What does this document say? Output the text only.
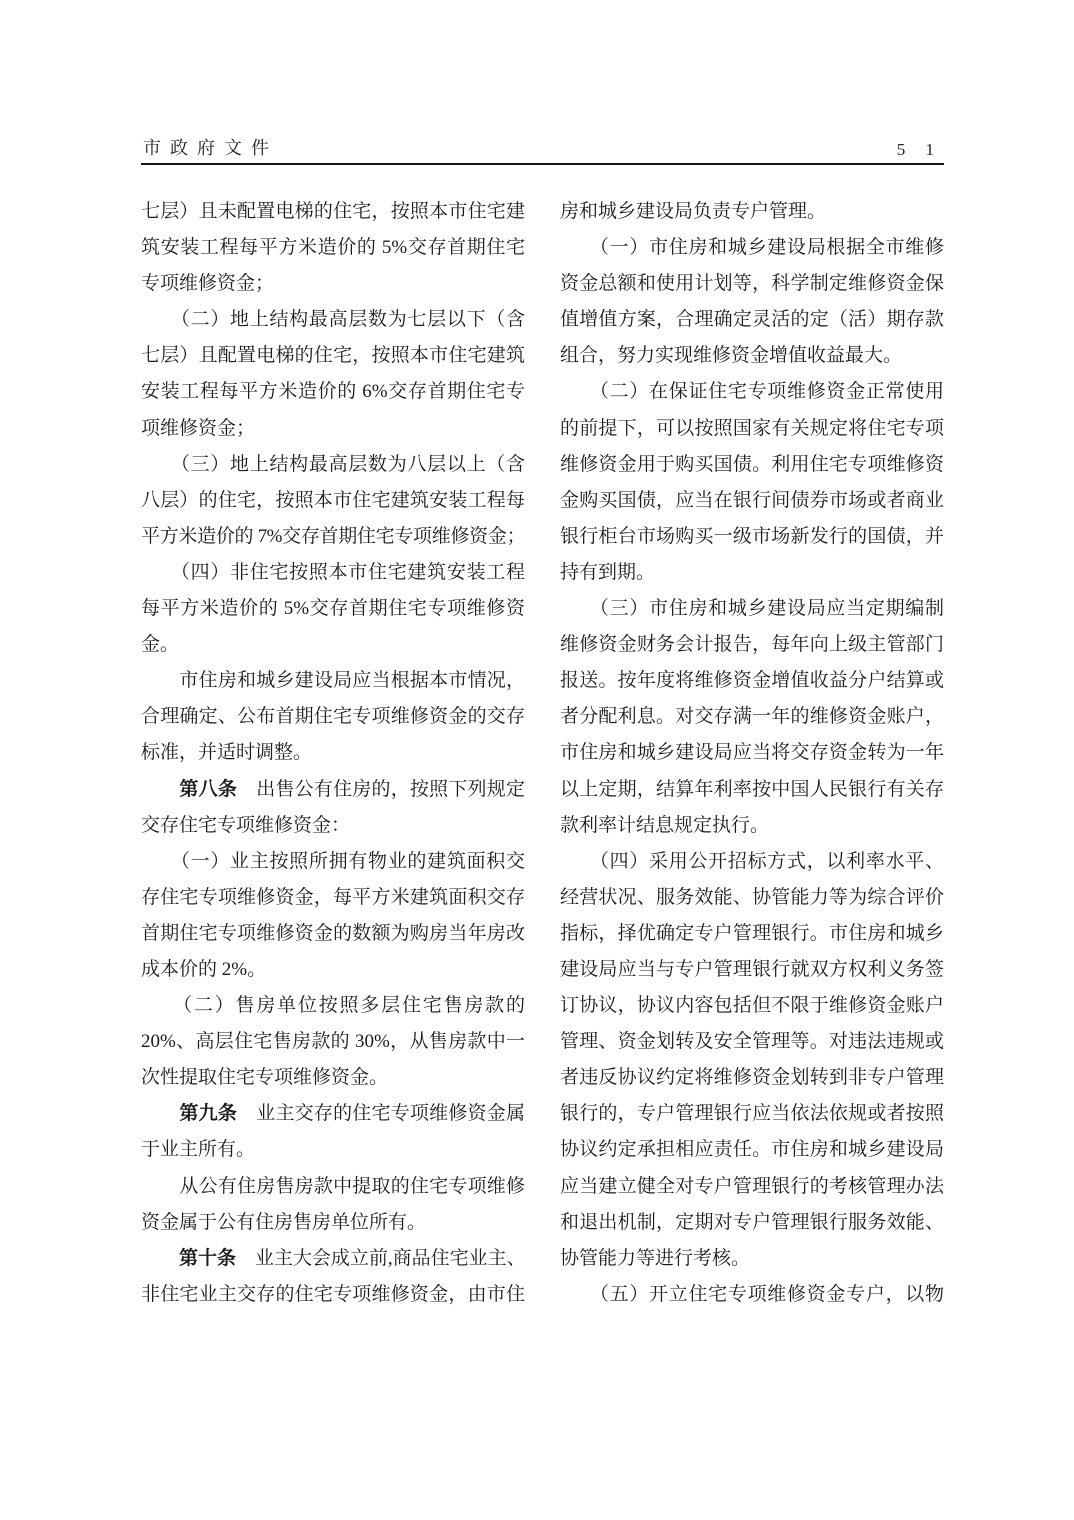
市政府文件	5 1
七层）且未配置电梯的住宅，按照本市住宅建
筑安装工程每平方米造价的 5%交存首期住宅
专项维修资金；
　　（二）地上结构最高层数为七层以下（含
七层）且配置电梯的住宅，按照本市住宅建筑
安装工程每平方米造价的 6%交存首期住宅专
项维修资金；
　　（三）地上结构最高层数为八层以上（含
八层）的住宅，按照本市住宅建筑安装工程每
平方米造价的 7%交存首期住宅专项维修资金；
　　（四）非住宅按照本市住宅建筑安装工程
每平方米造价的 5%交存首期住宅专项维修资
金。
　　市住房和城乡建设局应当根据本市情况，
合理确定、公布首期住宅专项维修资金的交存
标准，并适时调整。
　　第八条　出售公有住房的，按照下列规定
交存住宅专项维修资金：
　　（一）业主按照所拥有物业的建筑面积交
存住宅专项维修资金，每平方米建筑面积交存
首期住宅专项维修资金的数额为购房当年房改
成本价的 2%。
　　（二）售房单位按照多层住宅售房款的
20%、高层住宅售房款的 30%，从售房款中一
次性提取住宅专项维修资金。
　　第九条　业主交存的住宅专项维修资金属
于业主所有。
　　从公有住房售房款中提取的住宅专项维修
资金属于公有住房售房单位所有。
　　第十条　业主大会成立前,商品住宅业主、
非住宅业主交存的住宅专项维修资金，由市住
房和城乡建设局负责专户管理。
　　（一）市住房和城乡建设局根据全市维修
资金总额和使用计划等，科学制定维修资金保
值增值方案，合理确定灵活的定（活）期存款
组合，努力实现维修资金增值收益最大。
　　（二）在保证住宅专项维修资金正常使用
的前提下，可以按照国家有关规定将住宅专项
维修资金用于购买国债。利用住宅专项维修资
金购买国债，应当在银行间债券市场或者商业
银行柜台市场购买一级市场新发行的国债，并
持有到期。
　　（三）市住房和城乡建设局应当定期编制
维修资金财务会计报告，每年向上级主管部门
报送。按年度将维修资金增值收益分户结算或
者分配利息。对交存满一年的维修资金账户，
市住房和城乡建设局应当将交存资金转为一年
以上定期，结算年利率按中国人民银行有关存
款利率计结息规定执行。
　　（四）采用公开招标方式，以利率水平、
经营状况、服务效能、协管能力等为综合评价
指标，择优确定专户管理银行。市住房和城乡
建设局应当与专户管理银行就双方权利义务签
订协议，协议内容包括但不限于维修资金账户
管理、资金划转及安全管理等。对违法违规或
者违反协议约定将维修资金划转到非专户管理
银行的，专户管理银行应当依法依规或者按照
协议约定承担相应责任。市住房和城乡建设局
应当建立健全对专户管理银行的考核管理办法
和退出机制，定期对专户管理银行服务效能、
协管能力等进行考核。
　　（五）开立住宅专项维修资金专户，以物
